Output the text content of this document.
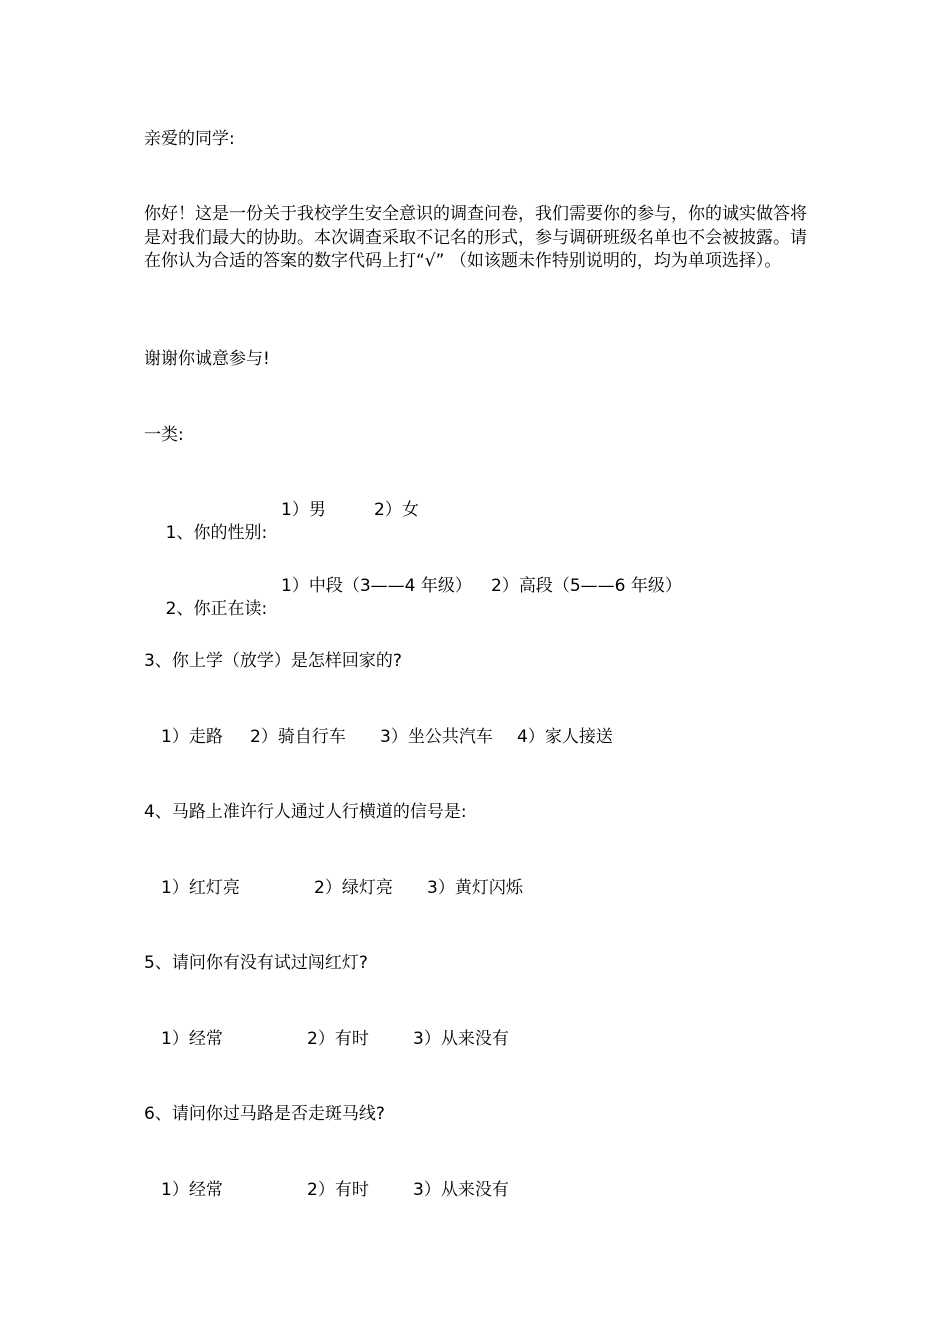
亲爱的同学:
你好！这是一份关于我校学生安全意识的调查问卷，我们需要你的参与，你的诚实做答将是对我们最大的协助。本次调查采取不记名的形式，参与调研班级名单也不会被披露。请在你认为合适的答案的数字代码上打“√” （如该题未作特别说明的，均为单项选择）。
谢谢你诚意参与!
一类:

1、你的性别:

1）男

	2）女

2、你正在读:

1）中段（3——4 年级）

2）高段（5——6 年级）

3、你上学（放学）是怎样回家的?
1）走路 2）骑自行车 3）坐公共汽车 4）家人接送
4、马路上准许行人通过人行横道的信号是:
1）红灯亮	2）绿灯亮 3）黄灯闪烁
5、请问你有没有试过闯红灯?
1）经常	2）有时	3）从来没有
6、请问你过马路是否走斑马线?
1）经常	2）有时	3）从来没有
